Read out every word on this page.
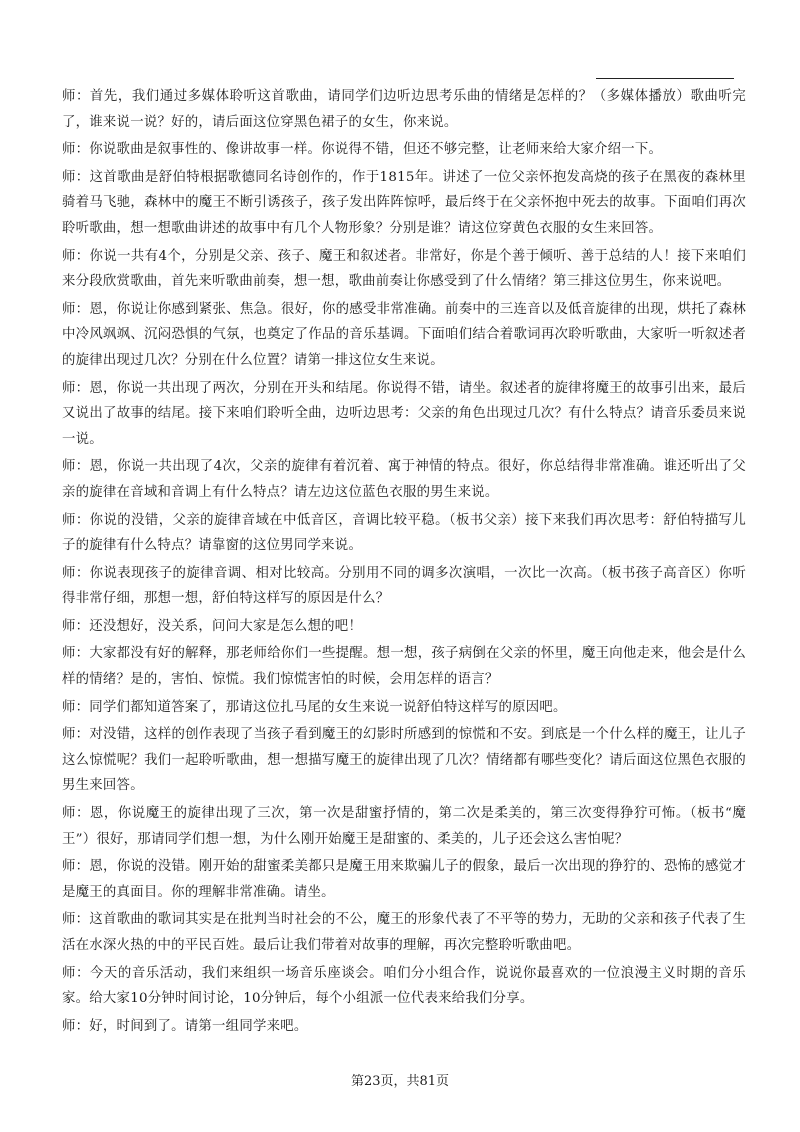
师：首先，我们通过多媒体聆听这首歌曲，请同学们边听边思考乐曲的情绪是怎样的？（多媒体播放）歌曲听完了，谁来说一说？好的，请后面这位穿黑色裙子的女生，你来说。

师：你说歌曲是叙事性的、像讲故事一样。你说得不错，但还不够完整，让老师来给大家介绍一下。

师：这首歌曲是舒伯特根据歌德同名诗创作的，作于1815年。讲述了一位父亲怀抱发高烧的孩子在黑夜的森林里骑着马飞驰，森林中的魔王不断引诱孩子，孩子发出阵阵惊呼，最后终于在父亲怀抱中死去的故事。下面咱们再次聆听歌曲，想一想歌曲讲述的故事中有几个人物形象？分别是谁？请这位穿黄色衣服的女生来回答。

师：你说一共有4个，分别是父亲、孩子、魔王和叙述者。非常好，你是个善于倾听、善于总结的人！接下来咱们来分段欣赏歌曲，首先来听歌曲前奏，想一想，歌曲前奏让你感受到了什么情绪？第三排这位男生，你来说吧。

师：恩，你说让你感到紧张、焦急。很好，你的感受非常准确。前奏中的三连音以及低音旋律的出现，烘托了森林中冷风飒飒、沉闷恐惧的气氛，也奠定了作品的音乐基调。下面咱们结合着歌词再次聆听歌曲，大家听一听叙述者的旋律出现过几次？分别在什么位置？请第一排这位女生来说。

师：恩，你说一共出现了两次，分别在开头和结尾。你说得不错，请坐。叙述者的旋律将魔王的故事引出来，最后又说出了故事的结尾。接下来咱们聆听全曲，边听边思考：父亲的角色出现过几次？有什么特点？请音乐委员来说一说。

师：恩，你说一共出现了4次，父亲的旋律有着沉着、寓于神情的特点。很好，你总结得非常准确。谁还听出了父亲的旋律在音域和音调上有什么特点？请左边这位蓝色衣服的男生来说。

师：你说的没错，父亲的旋律音域在中低音区，音调比较平稳。（板书父亲）接下来我们再次思考：舒伯特描写儿子的旋律有什么特点？请靠窗的这位男同学来说。

师：你说表现孩子的旋律音调、相对比较高。分别用不同的调多次演唱，一次比一次高。（板书孩子高音区）你听得非常仔细，那想一想，舒伯特这样写的原因是什么？

师：还没想好，没关系，问问大家是怎么想的吧！

师：大家都没有好的解释，那老师给你们一些提醒。想一想，孩子病倒在父亲的怀里，魔王向他走来，他会是什么样的情绪？是的，害怕、惊慌。我们惊慌害怕的时候，会用怎样的语言？

师：同学们都知道答案了，那请这位扎马尾的女生来说一说舒伯特这样写的原因吧。

师：对没错，这样的创作表现了当孩子看到魔王的幻影时所感到的惊慌和不安。到底是一个什么样的魔王，让儿子这么惊慌呢？我们一起聆听歌曲，想一想描写魔王的旋律出现了几次？情绪都有哪些变化？请后面这位黑色衣服的男生来回答。

师：恩，你说魔王的旋律出现了三次，第一次是甜蜜抒情的，第二次是柔美的，第三次变得狰狞可怖。（板书“魔王”）很好，那请同学们想一想，为什么刚开始魔王是甜蜜的、柔美的，儿子还会这么害怕呢？

师：恩，你说的没错。刚开始的甜蜜柔美都只是魔王用来欺骗儿子的假象，最后一次出现的狰狞的、恐怖的感觉才是魔王的真面目。你的理解非常准确。请坐。

师：这首歌曲的歌词其实是在批判当时社会的不公，魔王的形象代表了不平等的势力，无助的父亲和孩子代表了生活在水深火热的中的平民百姓。最后让我们带着对故事的理解，再次完整聆听歌曲吧。

师：今天的音乐活动，我们来组织一场音乐座谈会。咱们分小组合作，说说你最喜欢的一位浪漫主义时期的音乐家。给大家10分钟时间讨论，10分钟后，每个小组派一位代表来给我们分享。

师：好，时间到了。请第一组同学来吧。

第23页，共81页
